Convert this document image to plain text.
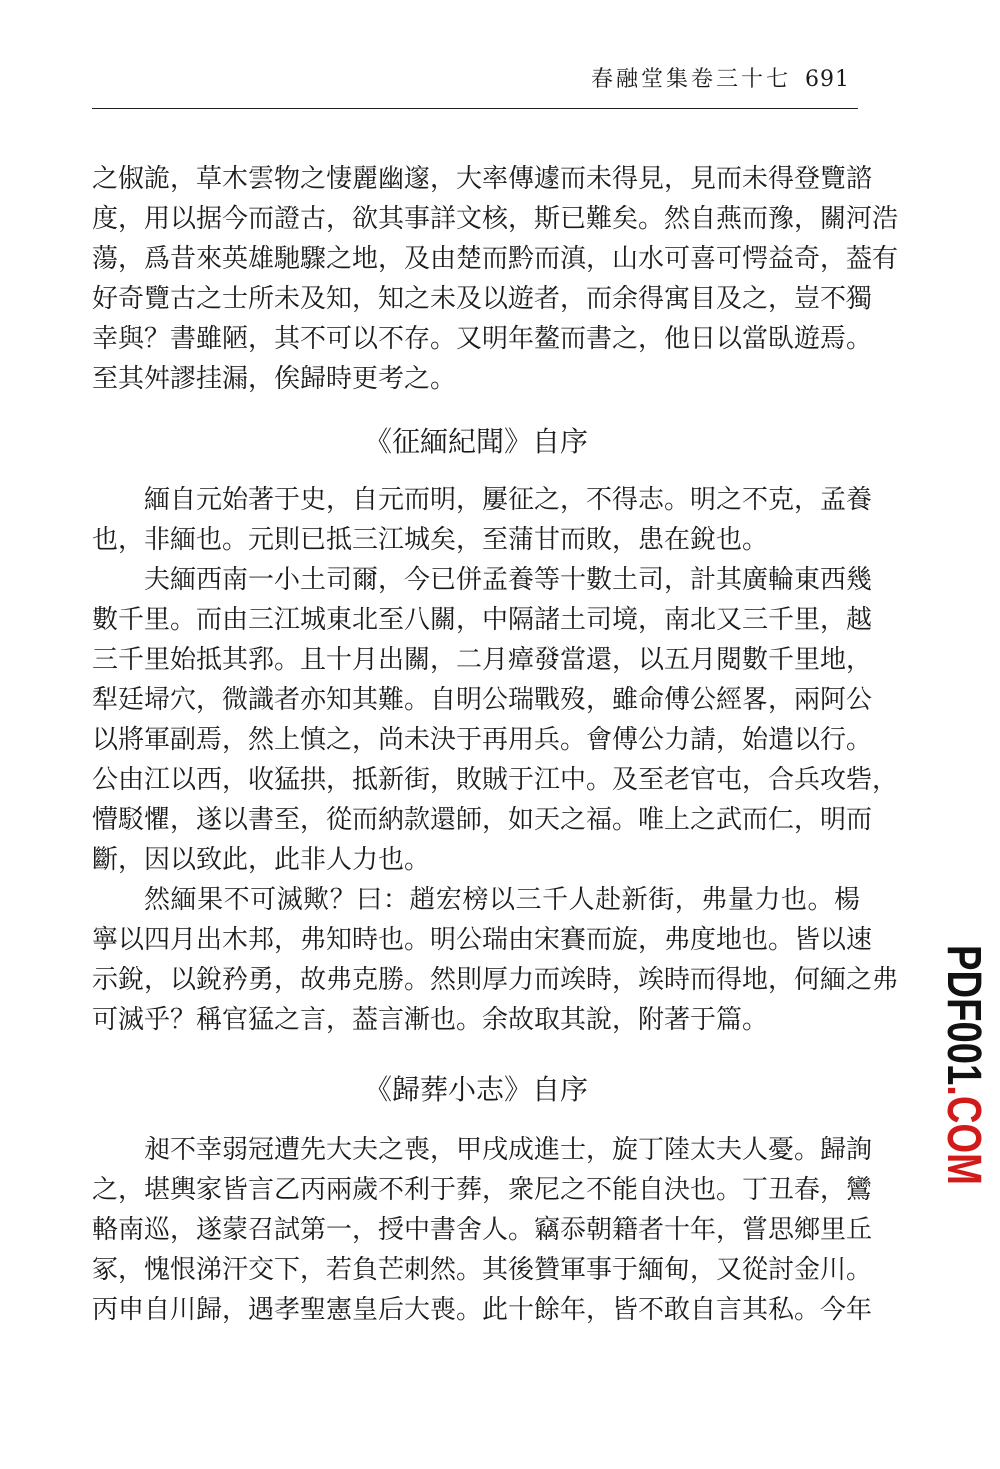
春融堂集卷三十七 691
之俶詭，草木雲物之悽麗幽邃，大率傳遽而未得見，見而未得登覽諮
度，用以据今而證古，欲其事詳文核，斯已難矣。然自燕而豫，關河浩
蕩，爲昔來英雄馳驟之地，及由楚而黔而滇，山水可喜可愕益奇，葢有
好奇覽古之士所未及知，知之未及以遊者，而余得寓目及之，豈不獨
幸與？書雖陋，其不可以不存。又明年鳌而書之，他日以當臥遊焉。
至其舛謬挂漏，俟歸時更考之。
《征緬紀聞》自序
緬自元始著于史，自元而明，屢征之，不得志。明之不克，孟養
也，非緬也。元則已抵三江城矣，至蒲甘而敗，患在銳也。
夫緬西南一小土司爾，今已併孟養等十數土司，計其廣輪東西幾
數千里。而由三江城東北至八關，中隔諸土司境，南北又三千里，越
三千里始抵其郛。且十月出關，二月瘴發當還，以五月閱數千里地，
犁廷埽穴，微識者亦知其難。自明公瑞戰歿，雖命傅公經畧，兩阿公
以將軍副焉，然上慎之，尚未決于再用兵。會傅公力請，始遣以行。
公由江以西，收猛拱，抵新街，敗賊于江中。及至老官屯，合兵攻砦，
懵駁懼，遂以書至，從而納款還師，如天之福。唯上之武而仁，明而
斷，因以致此，此非人力也。
然緬果不可滅歟？曰：趙宏榜以三千人赴新街，弗量力也。楊
寧以四月出木邦，弗知時也。明公瑞由宋賽而旋，弗度地也。皆以速
示銳，以銳矜勇，故弗克勝。然則厚力而竢時，竢時而得地，何緬之弗
可滅乎？稱官猛之言，葢言漸也。余故取其說，附著于篇。
《歸葬小志》自序
昶不幸弱冠遭先大夫之喪，甲戌成進士，旋丁陸太夫人憂。歸詢
之，堪輿家皆言乙丙兩歲不利于葬，衆尼之不能自決也。丁丑春，鸞
輅南巡，遂蒙召試第一，授中書舍人。竊忝朝籍者十年，嘗思鄉里丘
冢，愧恨涕汗交下，若負芒刺然。其後贊軍事于緬甸，又從討金川。
丙申自川歸，遇孝聖憲皇后大喪。此十餘年，皆不敢自言其私。今年
PDF001.COM
